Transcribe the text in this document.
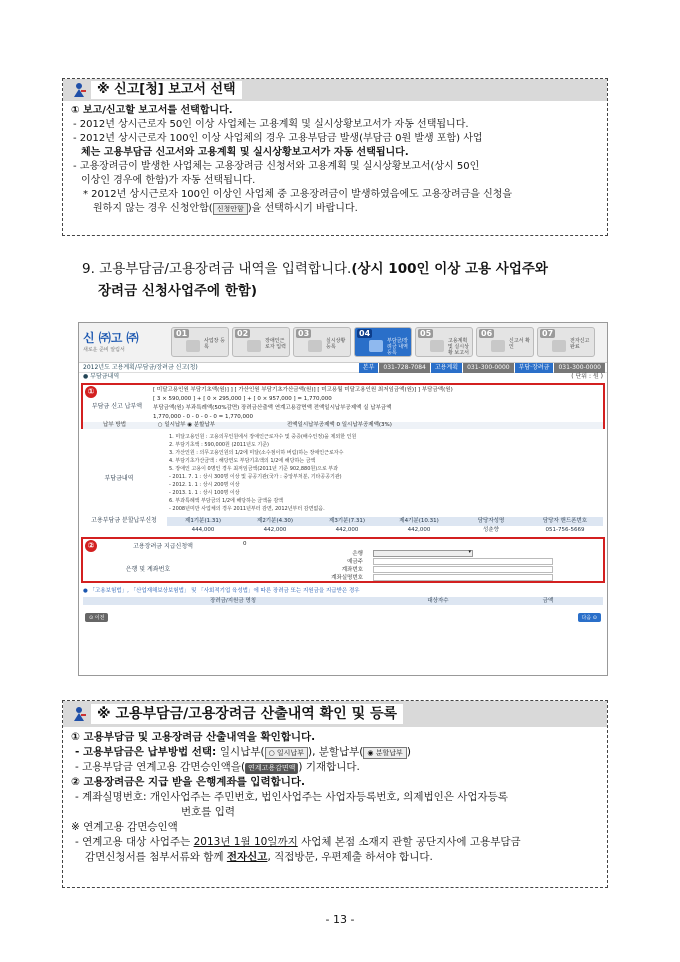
※ 신고[청] 보고서 선택

① 보고/신고할 보고서를 선택합니다.

- 2012년 상시근로자 50인 이상 사업체는 고용계획 및 실시상황보고서가 자동 선택됩니다.

- 2012년 상시근로자 100인 이상 사업체의 경우 고용부담금 발생(부담금 0원 발생 포함) 사업

체는 고용부담금 신고서와 고용계획 및 실시상황보고서가 자동 선택됩니다.

- 고용장려금이 발생한 사업체는 고용장려금 신청서와 고용계획 및 실시상황보고서(상시 50인

이상인 경우에 한함)가 자동 선택됩니다.

* 2012년 상시근로자 100인 이상인 사업체 중 고용장려금이 발생하였음에도 고용장려금을 신청을

원하지 않는 경우 신청안함( 신청안함 )을 선택하시기 바랍니다.

9. 고용부담금/고용장려금 내역을 입력합니다.(상시 100인 이상 고용 사업주와
장려금 신청사업주에 한함)
신 ㈜고 ㈜
새로운 준비 알림서
01
사업장 등록
02
장애인근로자 입력
03
실시상황 등록
04
부담금/장려금 내역등록
05
고용계획 및 실시상황 보고서
06
신고서 확인
07
전자신고 완료
2012년도 고용계획/부담금/장려금 신고(청)	본부	031-728-7084	고용계획	031-300-0000	부담·장려금	031-300-0000
● 부담금내역	( 단위 : 원 )
①
부담금 신고 납부액
[ 미달고용인원 부담기초액(원)] ] [ 가산인원 부담기초가산금액(원)] [ 미고용월 미달고용인원 최저임금액(원)] ] 부담금액(원)
[ 3 × 590,000 ] + [ 0 × 295,000 ] + [ 0 × 957,000 ] = 1,770,000
부담금액(원) 부과특례액(50%감면) 장려금산출액 연계고용감면액 전액일시납부공제액 실 납부금액
1,770,000 - 0 - 0 - 0 - 0 = 1,770,000
납부 방법	○ 일시납부 ◉ 분할납부	전액일시납부공제액 0 일시납부공제액(3%)
부담금내역
1. 미달고용인원 : 고용의무인원에서 장애인근로자수 및 중증(배수인정)을 제외한 인원
2. 부담기초액 : 590,000원 (2011년도 기준)
3. 가산인원 : 의무고용인원의 1/2에 미달(소수점이하 버림)하는 장애인근로자수
4. 부담기초가산금액 : 해당연도 부담기초액의 1/2에 해당하는 금액
5. 장애인 고용이 0명인 경우 최저임금액(2011년 기준 902,880원)으로 부과
- 2011. 7. 1 : 상시 300명 이상 및 공공기관(국가 : 중앙부처분, 기타공공기관)
- 2012. 1. 1 : 상시 200명 이상
- 2013. 1. 1 : 상시 100명 이상
6. 부과특례액 부담금의 1/2에 해당하는 금액을 감액
- 2008년미만 사업체의 경우 2011년부터 감면, 2012년부터 감면없음.
고용부담금 분할납부신청	제1기분(1.31)	제2기분(4.30)	제3기분(7.31)	제4기분(10.31)	담당자성명	담당자 핸드폰번호
444,000	442,000	442,000	442,000	성춘향	051-756-5669
②	고용장려금 지급신청액	0
은행 및 계좌번호
은행	▾
예금주
계좌번호
계좌실명번호
● 「고용보험법」, 「산업재해보상보험법」 및 「사회적기업 육성법」에 따른 장려금 또는 지원금을 지급받은 경우
장려금/지원금 명칭	대상자수	금액
⊙ 이전	다음 ⊙
※ 고용부담금/고용장려금 산출내역 확인 및 등록

① 고용부담금 및 고용장려금 산출내역을 확인합니다.

- 고용부담금은 납부방법 선택: 일시납부( ○ 일시납부 ), 분할납부( ◉ 분할납부 )

- 고용부담금 연계고용 감면승인액을( 연계고용감면액 ) 기재합니다.

② 고용장려금은 지급 받을 은행계좌를 입력합니다.

- 계좌실명번호: 개인사업주는 주민번호, 법인사업주는 사업자등록번호, 의제법인은 사업자등록

번호를 입력

※ 연계고용 감면승인액

- 연계고용 대상 사업주는 2013년 1월 10일까지 사업체 본점 소재지 관할 공단지사에 고용부담금

감면신청서를 첨부서류와 함께 전자신고, 직접방문, 우편제출 하셔야 합니다.

- 13 -
